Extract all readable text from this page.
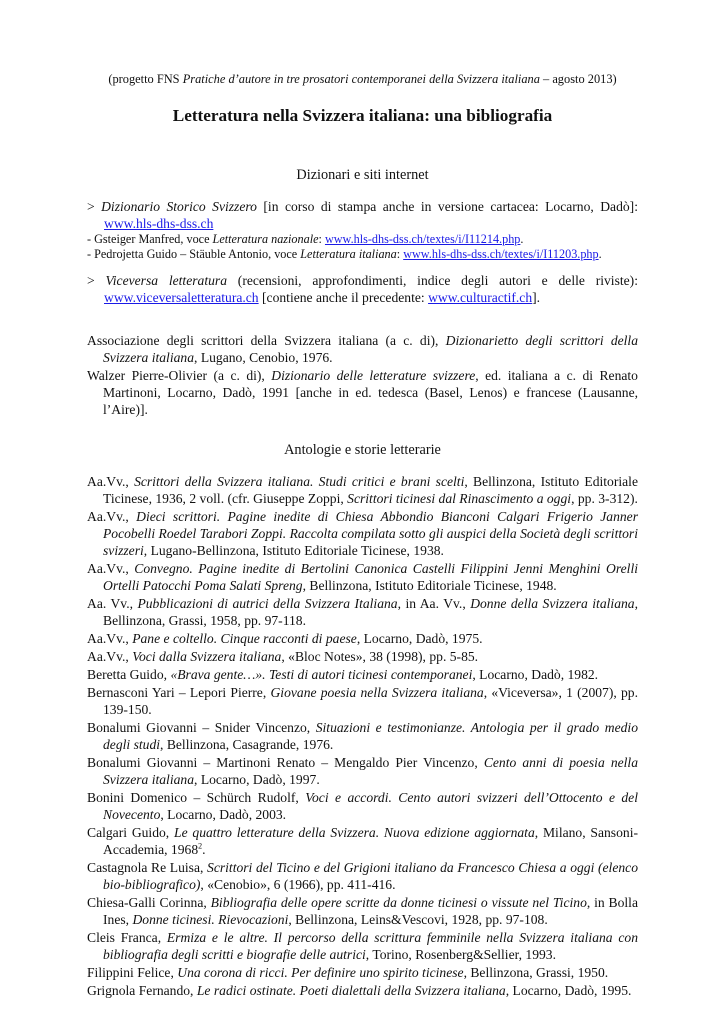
(progetto FNS Pratiche d’autore in tre prosatori contemporanei della Svizzera italiana – agosto 2013)
Letteratura nella Svizzera italiana: una bibliografia
Dizionari e siti internet

> Dizionario Storico Svizzero [in corso di stampa anche in versione cartacea: Locarno, Dadò]: www.hls-dhs-dss.ch

- Gsteiger Manfred, voce Letteratura nazionale: www.hls-dhs-dss.ch/textes/i/I11214.php.

- Pedrojetta Guido – Stäuble Antonio, voce Letteratura italiana: www.hls-dhs-dss.ch/textes/i/I11203.php.

> Viceversa letteratura (recensioni, approfondimenti, indice degli autori e delle riviste): www.viceversaletteratura.ch [contiene anche il precedente: www.culturactif.ch].

Associazione degli scrittori della Svizzera italiana (a c. di), Dizionarietto degli scrittori della Svizzera italiana, Lugano, Cenobio, 1976.

Walzer Pierre-Olivier (a c. di), Dizionario delle letterature svizzere, ed. italiana a c. di Renato Martinoni, Locarno, Dadò, 1991 [anche in ed. tedesca (Basel, Lenos) e francese (Lausanne, l’Aire)].

Antologie e storie letterarie

Aa.Vv., Scrittori della Svizzera italiana. Studi critici e brani scelti, Bellinzona, Istituto Editoriale Ticinese, 1936, 2 voll. (cfr. Giuseppe Zoppi, Scrittori ticinesi dal Rinascimento a oggi, pp. 3-312).

Aa.Vv., Dieci scrittori. Pagine inedite di Chiesa Abbondio Bianconi Calgari Frigerio Janner Pocobelli Roedel Tarabori Zoppi. Raccolta compilata sotto gli auspici della Società degli scrittori svizzeri, Lugano-Bellinzona, Istituto Editoriale Ticinese, 1938.

Aa.Vv., Convegno. Pagine inedite di Bertolini Canonica Castelli Filippini Jenni Menghini Orelli Ortelli Patocchi Poma Salati Spreng, Bellinzona, Istituto Editoriale Ticinese, 1948.

Aa. Vv., Pubblicazioni di autrici della Svizzera Italiana, in Aa. Vv., Donne della Svizzera italiana, Bellinzona, Grassi, 1958, pp. 97-118.

Aa.Vv., Pane e coltello. Cinque racconti di paese, Locarno, Dadò, 1975.

Aa.Vv., Voci dalla Svizzera italiana, «Bloc Notes», 38 (1998), pp. 5-85.

Beretta Guido, «Brava gente…». Testi di autori ticinesi contemporanei, Locarno, Dadò, 1982.

Bernasconi Yari – Lepori Pierre, Giovane poesia nella Svizzera italiana, «Viceversa», 1 (2007), pp. 139-150.

Bonalumi Giovanni – Snider Vincenzo, Situazioni e testimonianze. Antologia per il grado medio degli studi, Bellinzona, Casagrande, 1976.

Bonalumi Giovanni – Martinoni Renato – Mengaldo Pier Vincenzo, Cento anni di poesia nella Svizzera italiana, Locarno, Dadò, 1997.

Bonini Domenico – Schürch Rudolf, Voci e accordi. Cento autori svizzeri dell’Ottocento e del Novecento, Locarno, Dadò, 2003.

Calgari Guido, Le quattro letterature della Svizzera. Nuova edizione aggiornata, Milano, Sansoni-Accademia, 1968$^2$.

Castagnola Re Luisa, Scrittori del Ticino e del Grigioni italiano da Francesco Chiesa a oggi (elenco bio-bibliografico), «Cenobio», 6 (1966), pp. 411-416.

Chiesa-Galli Corinna, Bibliografia delle opere scritte da donne ticinesi o vissute nel Ticino, in Bolla Ines, Donne ticinesi. Rievocazioni, Bellinzona, Leins&Vescovi, 1928, pp. 97-108.

Cleis Franca, Ermiza e le altre. Il percorso della scrittura femminile nella Svizzera italiana con bibliografia degli scritti e biografie delle autrici, Torino, Rosenberg&Sellier, 1993.

Filippini Felice, Una corona di ricci. Per definire uno spirito ticinese, Bellinzona, Grassi, 1950.

Grignola Fernando, Le radici ostinate. Poeti dialettali della Svizzera italiana, Locarno, Dadò, 1995.
